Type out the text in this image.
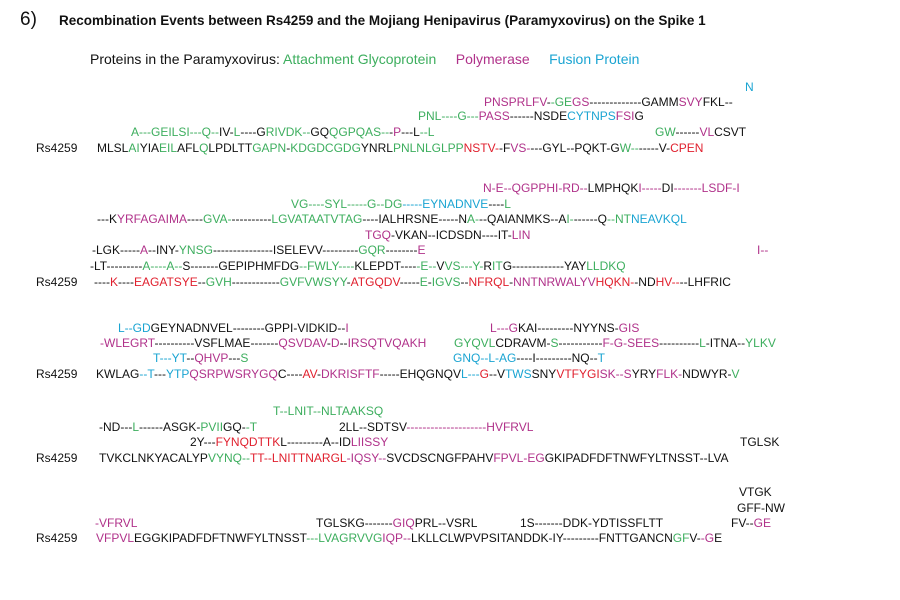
6) Recombination Events between Rs4259 and the Mojiang Henipavirus (Paramyxovirus) on the Spike 1
Proteins in the Paramyxovirus: Attachment Glycoprotein Polymerase Fusion Protein
Rs4259
N
PNSPRLFV--GEGS-------------GAMMSVYFKL--
PNL----G---PASS------NSDECYTNPSFSIG
A---GEILSI---Q--IV-L----GRIVDK--GQQGPQAS---P---L--L	GW------VLCSVT
MLSLAIYIAEILAFLQLPDLTTGAPN-KDGDCGDGYNRLPNLNLGLPPNSTV--FVS----GYL--PQKT-GW-------V-CPEN
Rs4259
N-E--QGPPHI-RD--LMPHQKI-----DI-------LSDF-I
VG----SYL-----G--DG-----EYNADNVE----L
---KYRFAGAIMA----GVA-----------LGVATAATVTAG----IALHRSNE-----NA---QAIANMKS--AI-------Q--NTNEAVKQL
TGQ-VKAN--ICDSDN----IT-LIN
-LGK-----A--INY-YNSG---------------ISELEVV---------GQR--------E	I--
-LT---------A----A--S-------GEPIPHMFDG--FWLY----KLEPDT-----E--VVS---Y-RITG-------------YAYLLDKQ
----K----EAGATSYE--GVH------------GVFVWSYY-ATGQDV-----E-IGVS--NFRQL-NNTNRWALYVHQKN--NDHV----LHFRIC
Rs4259
L--GDGEYNADNVEL--------GPPI-VIDKID--I	L---GKAI---------NYYNS-GIS
-WLEGRT----------VSFLMAE-------QSVDAV-D--IRSQTVQAKH GYQVLCDRAVM-S-----------F-G-SEES----------L-ITNA--YLKV
T---YT--QHVP---S	GNQ--L-AG----I---------NQ--T
KWLAG--T---YTPQSRPWSRYGQC----AV-DKRISFTF-----EHQGNQVL---G--VTWSSNYVTFYGISK--SYRYFLK-NDWYR-V
Rs4259
T--LNIT--NLTAAKSQ
-ND---L------ASGK-PVIIGQ--T	2LL--SDTSV--------------------HVFRVL
2Y---FYNQDTTKL---------A--IDLIISSY	TGLSK
TVKCLNKYACALYPVYNQ--TT--LNITTNARGL-IQSY--SVCDSCNGFPAHVFPVL-EGGKIPADFDFTNWFYLTNSST--LVA
Rs4259
VTGK
GFF-NW
-VFRVL	TGLSKG-------GIQPRL--VSRL	1S-------DDK-YDTISSFLTT	FV--GE
VFPVLEGGKIPADFDFTNWFYLTNSST---LVAGRVVGIQP--LKLLCLWPVPSITANDDK-IY---------FNTTGANCNGFV--GE
